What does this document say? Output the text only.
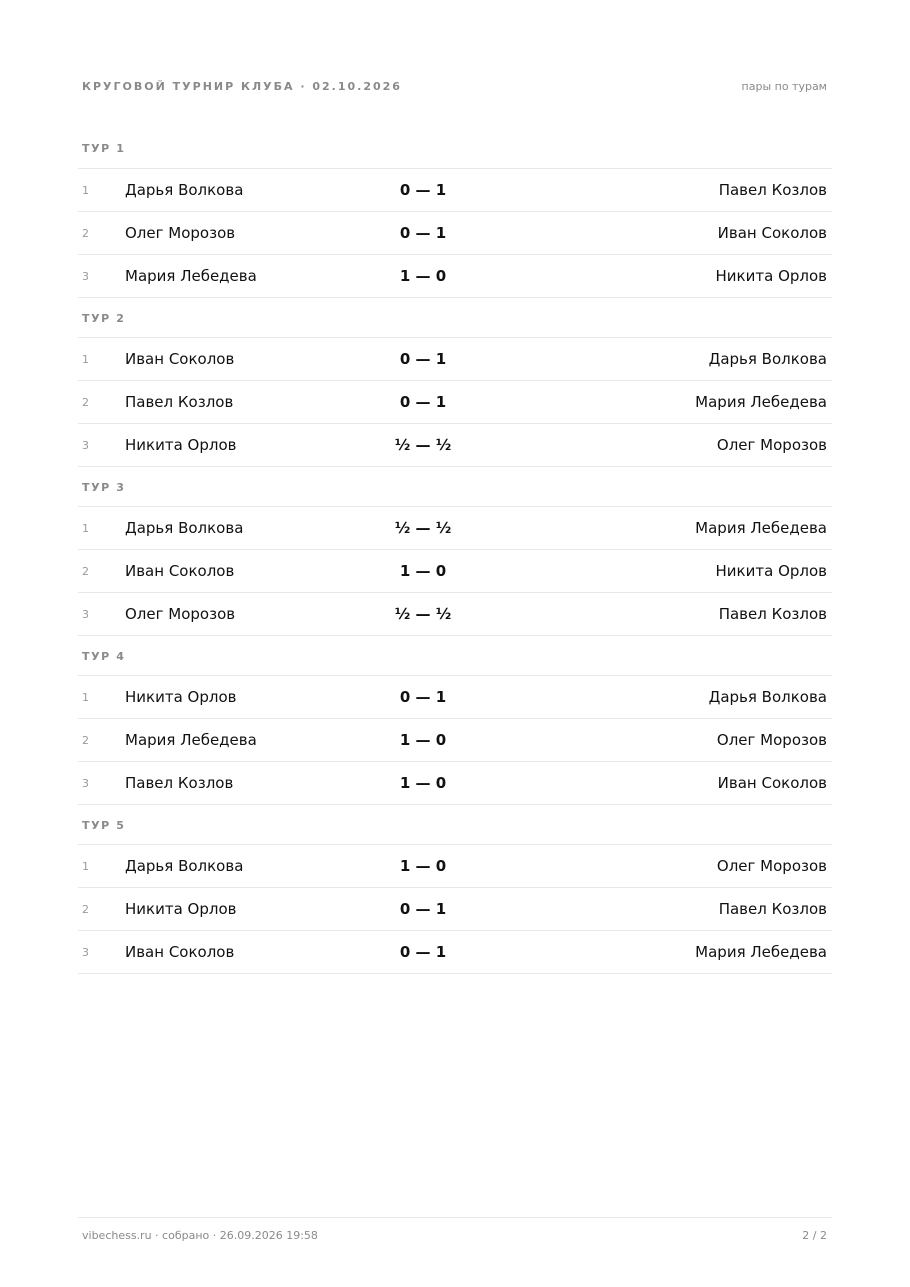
КРУГОВОЙ ТУРНИР КЛУБА · 02.10.2026	пары по турам
ТУР 1
1	Дарья Волкова	0 — 1	Павел Козлов
2	Олег Морозов	0 — 1	Иван Соколов
3	Мария Лебедева	1 — 0	Никита Орлов
ТУР 2
1	Иван Соколов	0 — 1	Дарья Волкова
2	Павел Козлов	0 — 1	Мария Лебедева
3	Никита Орлов	½ — ½	Олег Морозов
ТУР 3
1	Дарья Волкова	½ — ½	Мария Лебедева
2	Иван Соколов	1 — 0	Никита Орлов
3	Олег Морозов	½ — ½	Павел Козлов
ТУР 4
1	Никита Орлов	0 — 1	Дарья Волкова
2	Мария Лебедева	1 — 0	Олег Морозов
3	Павел Козлов	1 — 0	Иван Соколов
ТУР 5
1	Дарья Волкова	1 — 0	Олег Морозов
2	Никита Орлов	0 — 1	Павел Козлов
3	Иван Соколов	0 — 1	Мария Лебедева
vibechess.ru · собрано · 26.09.2026 19:58	2 / 2
